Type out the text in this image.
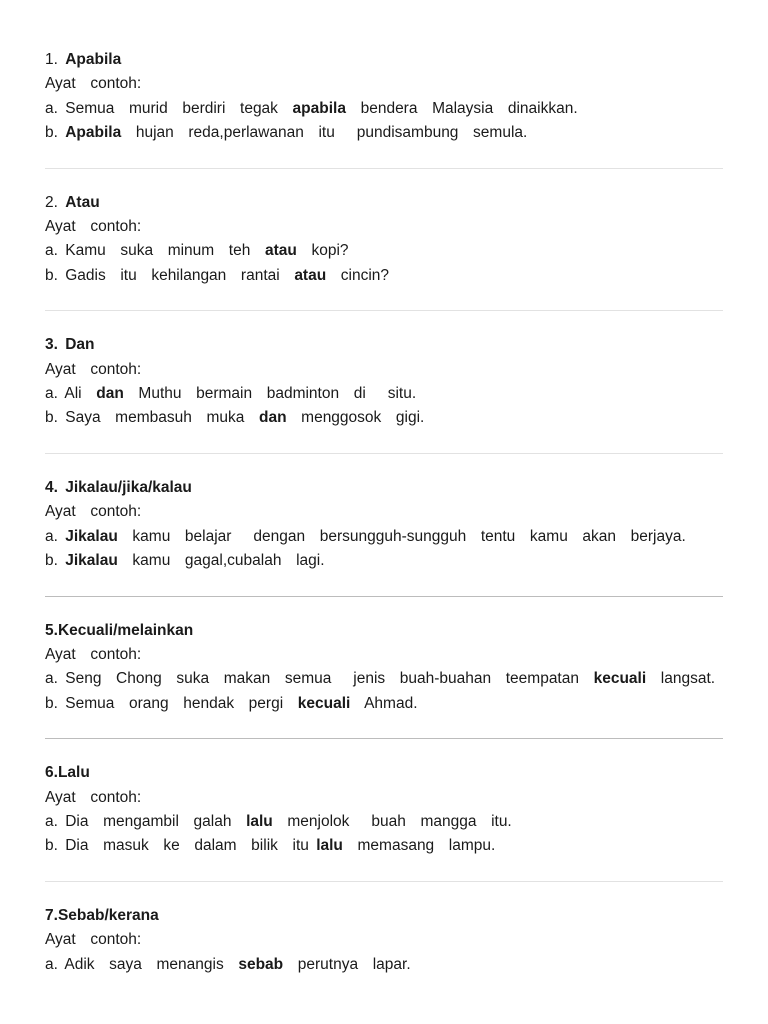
1. Apabila

Ayat  contoh:

a. Semua  murid  berdiri  tegak  apabila  bendera  Malaysia  dinaikkan.

b. Apabila  hujan  reda,perlawanan  itu   pundisambung  semula.

2. Atau

Ayat  contoh:

a. Kamu  suka  minum  teh  atau  kopi?

b. Gadis  itu  kehilangan  rantai  atau  cincin?

3. Dan

Ayat  contoh:

a. Ali  dan  Muthu  bermain  badminton  di   situ.

b. Saya  membasuh  muka  dan  menggosok  gigi.

4. Jikalau/jika/kalau

Ayat  contoh:

a. Jikalau  kamu  belajar   dengan  bersungguh-sungguh  tentu  kamu  akan  berjaya.

b. Jikalau  kamu  gagal,cubalah  lagi.

5.Kecuali/melainkan

Ayat  contoh:

a. Seng  Chong  suka  makan  semua   jenis  buah-buahan  teempatan  kecuali  langsat.

b. Semua  orang  hendak  pergi  kecuali  Ahmad.

6.Lalu

Ayat  contoh:

a. Dia  mengambil  galah  lalu  menjolok   buah  mangga  itu.

b. Dia  masuk  ke  dalam  bilik  itu lalu  memasang  lampu.

7.Sebab/kerana

Ayat  contoh:

a. Adik  saya  menangis  sebab  perutnya  lapar.
